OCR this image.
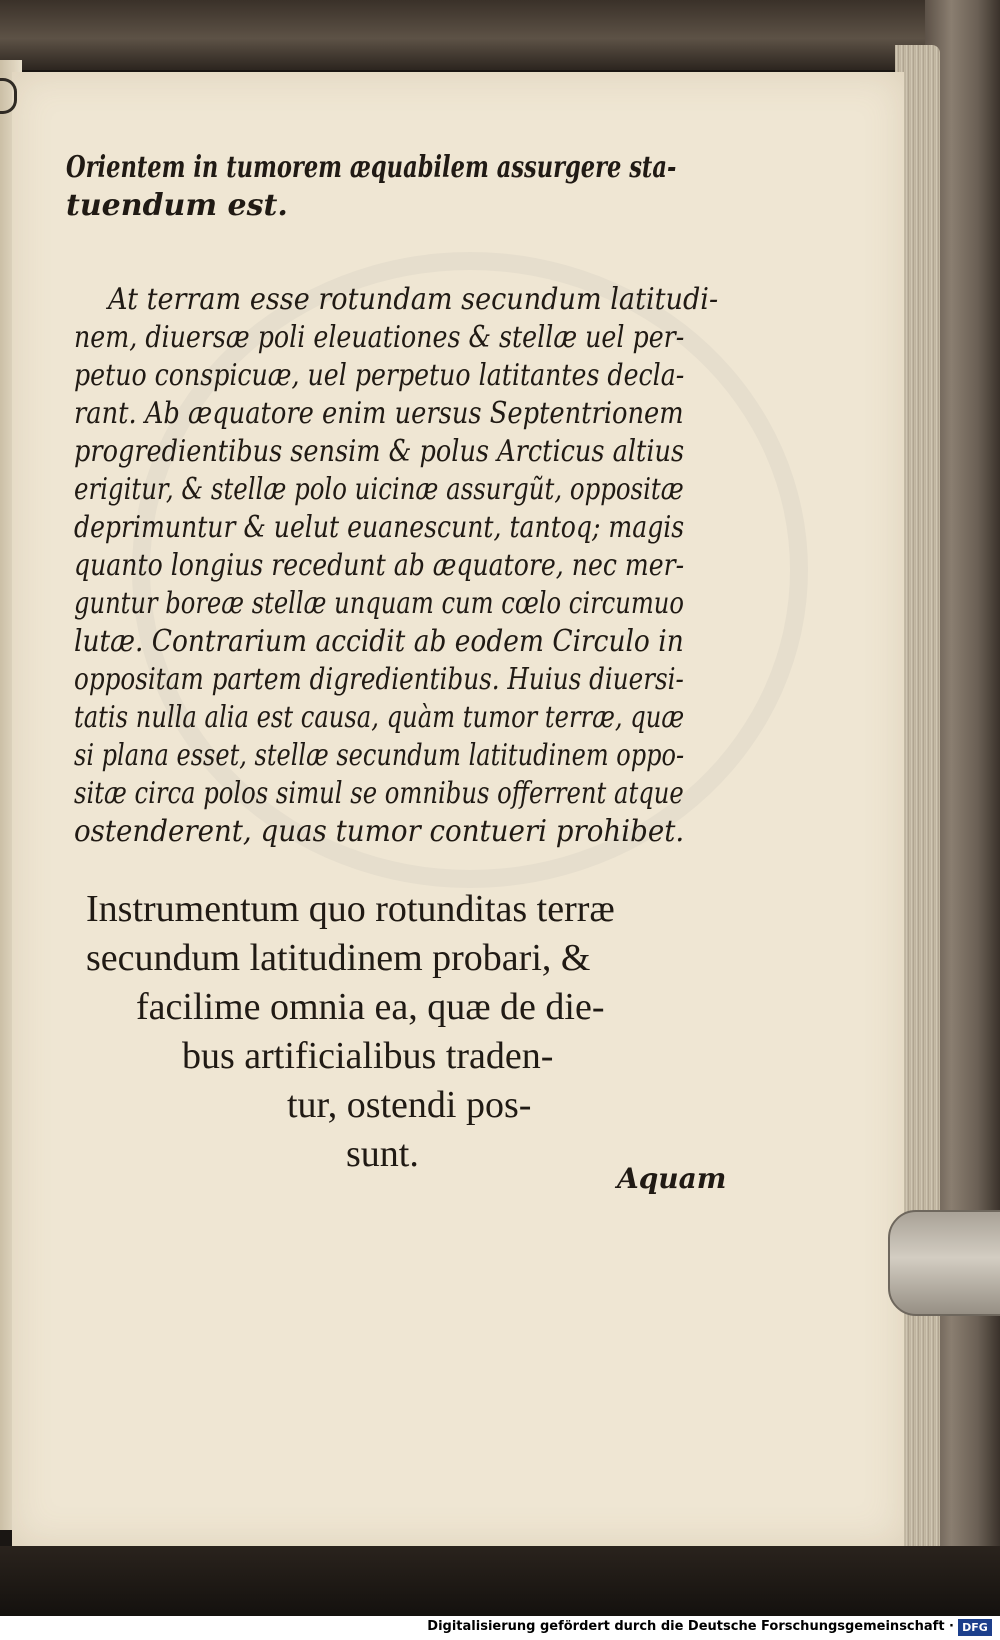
Orientem in tumorem æquabilem assurgere sta-
tuendum est.
At terram esse rotundam secundum latitudi-
nem, diuersæ poli eleuationes & stellæ uel per-
petuo conspicuæ, uel perpetuo latitantes decla-
rant. Ab æquatore enim uersus Septentrionem
progredientibus sensim & polus Arcticus altius
erigitur, & stellæ polo uicinæ assurgũt, oppositæ
deprimuntur & uelut euanescunt, tantoq; magis
quanto longius recedunt ab æquatore, nec mer-
guntur boreæ stellæ unquam cum cœlo circumuo
lutæ. Contrarium accidit ab eodem Circulo in
oppositam partem digredientibus. Huius diuersi-
tatis nulla alia est causa, quàm tumor terræ, quæ
si plana esset, stellæ secundum latitudinem oppo-
sitæ circa polos simul se omnibus offerrent atque
ostenderent, quas tumor contueri prohibet.
Instrumentum quo rotunditas terræ
secundum latitudinem probari, &
facilime omnia ea, quæ de die-
bus artificialibus traden-
tur, ostendi pos-
sunt.
Aquam
Digitalisierung gefördert durch die Deutsche Forschungsgemeinschaft · DFG
